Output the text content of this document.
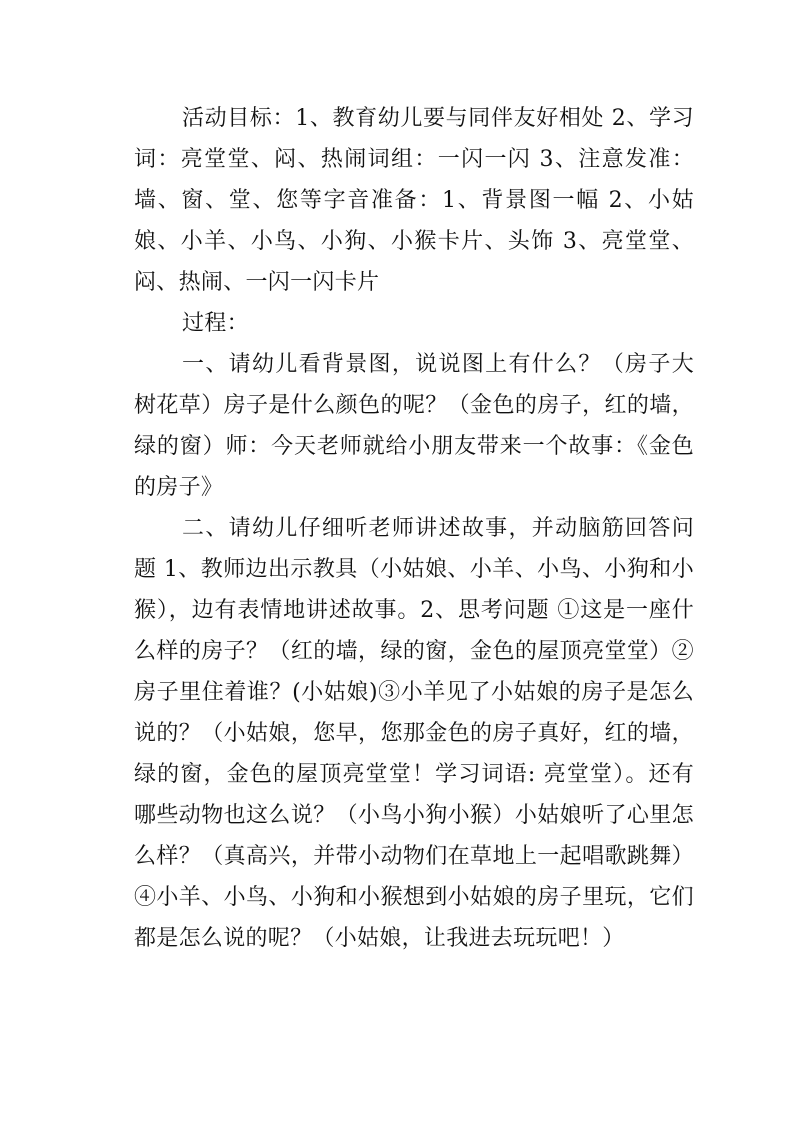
活动目标：1、教育幼儿要与同伴友好相处 2、学习词：亮堂堂、闷、热闹词组：一闪一闪 3、注意发准：墙、窗、堂、您等字音准备：1、背景图一幅 2、小姑娘、小羊、小鸟、小狗、小猴卡片、头饰 3、亮堂堂、闷、热闹、一闪一闪卡片

过程：

一、请幼儿看背景图，说说图上有什么？（房子大树花草）房子是什么颜色的呢？（金色的房子，红的墙，绿的窗）师：今天老师就给小朋友带来一个故事：《金色的房子》

二、请幼儿仔细听老师讲述故事，并动脑筋回答问题 1、教师边出示教具（小姑娘、小羊、小鸟、小狗和小猴），边有表情地讲述故事。2、思考问题 ①这是一座什么样的房子？（红的墙，绿的窗，金色的屋顶亮堂堂）②房子里住着谁？(小姑娘)③小羊见了小姑娘的房子是怎么说的？（小姑娘，您早，您那金色的房子真好，红的墙，绿的窗，金色的屋顶亮堂堂！学习词语: 亮堂堂）。还有哪些动物也这么说？（小鸟小狗小猴）小姑娘听了心里怎么样？（真高兴，并带小动物们在草地上一起唱歌跳舞）④小羊、小鸟、小狗和小猴想到小姑娘的房子里玩，它们都是怎么说的呢？（小姑娘，让我进去玩玩吧！）
